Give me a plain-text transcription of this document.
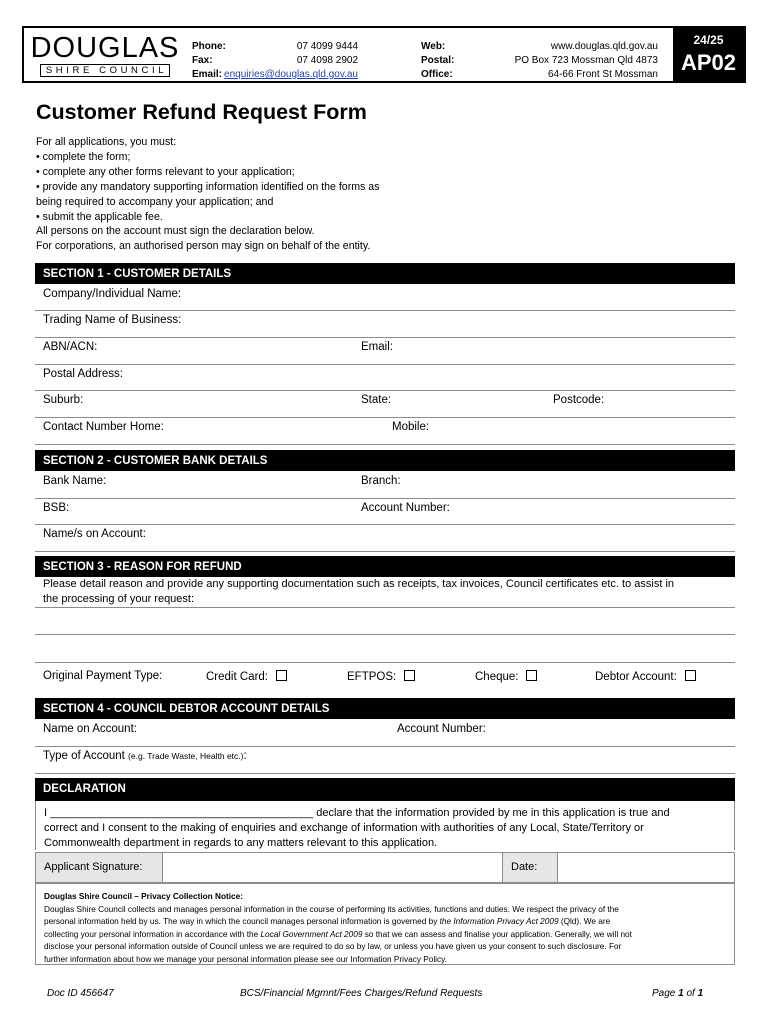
DOUGLAS
SHIRE COUNCIL
Phone:	07 4099 9444
Fax:	07 4098 2902
Email: enquiries@douglas.qld.gov.au
Web:	www.douglas.qld.gov.au
Postal:	PO Box 723 Mossman Qld 4873
Office:	64-66 Front St Mossman
24/25
AP02
Customer Refund Request Form

For all applications, you must:

• complete the form;

• complete any other forms relevant to your application;

• provide any mandatory supporting information identified on the forms as

being required to accompany your application; and

• submit the applicable fee.

All persons on the account must sign the declaration below.

For corporations, an authorised person may sign on behalf of the entity.

SECTION 1 - CUSTOMER DETAILS
Company/Individual Name:
Trading Name of Business:
ABN/ACN:	Email:
Postal Address:
Suburb:	State:	Postcode:
Contact Number Home:	Mobile:
SECTION 2 - CUSTOMER BANK DETAILS
Bank Name:	Branch:
BSB:	Account Number:
Name/s on Account:
SECTION 3 - REASON FOR REFUND

Please detail reason and provide any supporting documentation such as receipts, tax invoices, Council certificates etc. to assist in

the processing of your request:

Original Payment Type:	Credit Card:	EFTPOS:	Cheque:	Debtor Account:
SECTION 4 - COUNCIL DEBTOR ACCOUNT DETAILS
Name on Account:	Account Number:
Type of Account (e.g. Trade Waste, Health etc.):
DECLARATION

I ___________________________________________ declare that the information provided by me in this application is true and

correct and I consent to the making of enquiries and exchange of information with authorities of any Local, State/Territory or

Commonwealth department in regards to any matters relevant to this application.

Applicant Signature:	Date:

Douglas Shire Council – Privacy Collection Notice:

Douglas Shire Council collects and manages personal information in the course of performing its activities, functions and duties. We respect the privacy of the

personal information held by us. The way in which the council manages personal information is governed by the Information Privacy Act 2009 (Qld). We are

collecting your personal information in accordance with the Local Government Act 2009 so that we can assess and finalise your application. Generally, we will not

disclose your personal information outside of Council unless we are required to do so by law, or unless you have given us your consent to such disclosure. For

further information about how we manage your personal information please see our Information Privacy Policy.

Doc ID 456647	BCS/Financial Mgmnt/Fees Charges/Refund Requests	Page 1 of 1
